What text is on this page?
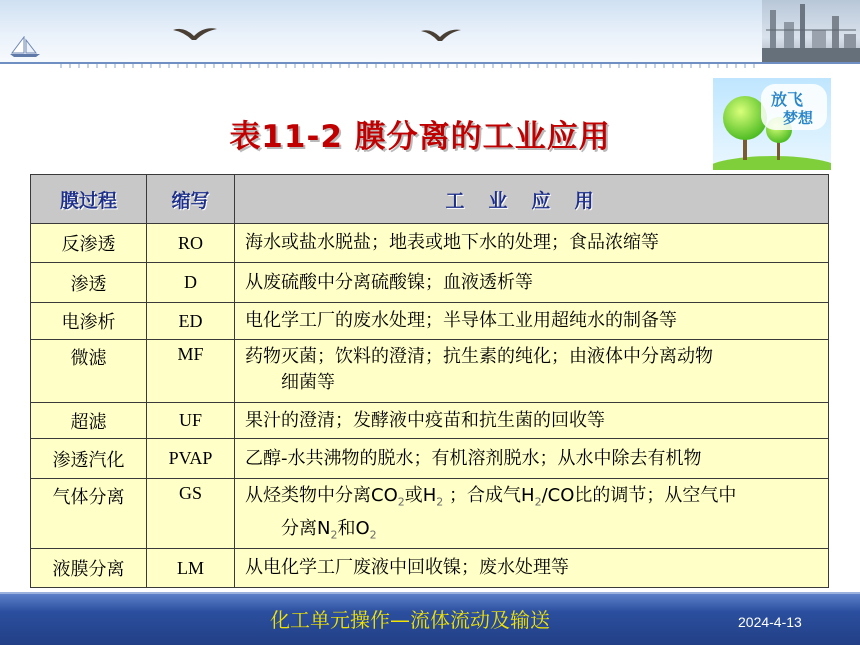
放飞
梦想
表11-2 膜分离的工业应用
膜过程	缩写	工业应用
反渗透	RO	海水或盐水脱盐；地表或地下水的处理；食品浓缩等
渗透	D	从废硫酸中分离硫酸镍；血液透析等
电渗析	ED	电化学工厂的废水处理；半导体工业用超纯水的制备等
微滤	MF	药物灭菌；饮料的澄清；抗生素的纯化；由液体中分离动物
细菌等

超滤	UF	果汁的澄清；发酵液中疫苗和抗生菌的回收等
渗透汽化	PVAP	乙醇-水共沸物的脱水；有机溶剂脱水；从水中除去有机物
气体分离	GS	从烃类物中分离$CO_2$或$H_2$ ；合成气$H_2/CO$比的调节；从空气中
分离$N_2$和$O_2$

液膜分离	LM	从电化学工厂废液中回收镍；废水处理等
化工单元操作—流体流动及输送	2024-4-13
